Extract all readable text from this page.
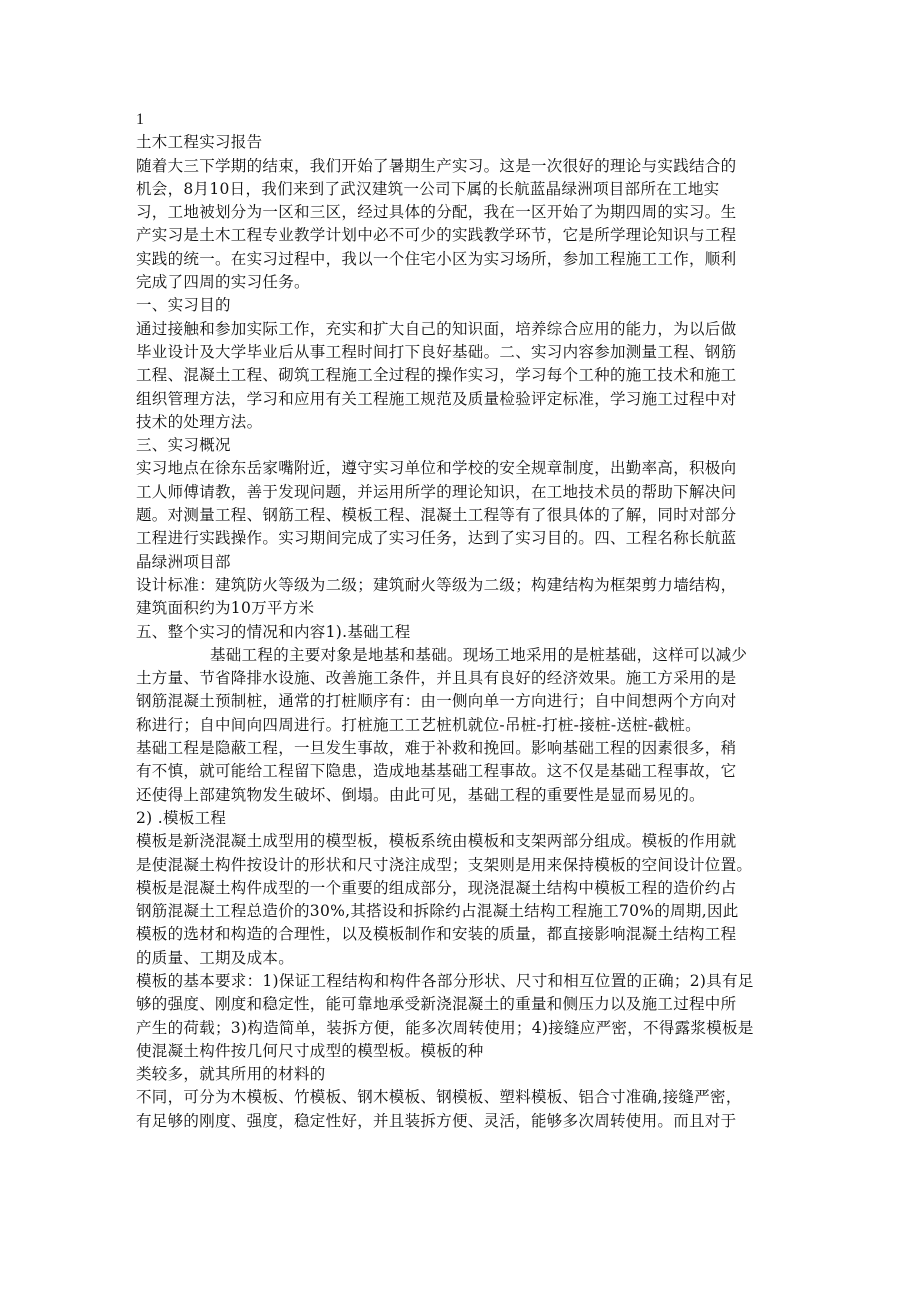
1
土木工程实习报告
随着大三下学期的结束，我们开始了暑期生产实习。这是一次很好的理论与实践结合的
机会，8月10日，我们来到了武汉建筑一公司下属的长航蓝晶绿洲项目部所在工地实
习，工地被划分为一区和三区，经过具体的分配，我在一区开始了为期四周的实习。生
产实习是土木工程专业教学计划中必不可少的实践教学环节，它是所学理论知识与工程
实践的统一。在实习过程中，我以一个住宅小区为实习场所，参加工程施工工作，顺利
完成了四周的实习任务。
一、实习目的
通过接触和参加实际工作，充实和扩大自己的知识面，培养综合应用的能力，为以后做
毕业设计及大学毕业后从事工程时间打下良好基础。二、实习内容参加测量工程、钢筋
工程、混凝土工程、砌筑工程施工全过程的操作实习，学习每个工种的施工技术和施工
组织管理方法，学习和应用有关工程施工规范及质量检验评定标准，学习施工过程中对
技术的处理方法。
三、实习概况
实习地点在徐东岳家嘴附近，遵守实习单位和学校的安全规章制度，出勤率高，积极向
工人师傅请教，善于发现问题，并运用所学的理论知识，在工地技术员的帮助下解决问
题。对测量工程、钢筋工程、模板工程、混凝土工程等有了很具体的了解，同时对部分
工程进行实践操作。实习期间完成了实习任务，达到了实习目的。四、工程名称长航蓝
晶绿洲项目部
设计标准：建筑防火等级为二级；建筑耐火等级为二级；构建结构为框架剪力墙结构，
建筑面积约为10万平方米
五、整个实习的情况和内容1).基础工程
基础工程的主要对象是地基和基础。现场工地采用的是桩基础，这样可以减少
土方量、节省降排水设施、改善施工条件，并且具有良好的经济效果。施工方采用的是
钢筋混凝土预制桩，通常的打桩顺序有：由一侧向单一方向进行；自中间想两个方向对
称进行；自中间向四周进行。打桩施工工艺桩机就位-吊桩-打桩-接桩-送桩-截桩。
基础工程是隐蔽工程，一旦发生事故，难于补救和挽回。影响基础工程的因素很多，稍
有不慎，就可能给工程留下隐患，造成地基基础工程事故。这不仅是基础工程事故，它
还使得上部建筑物发生破坏、倒塌。由此可见，基础工程的重要性是显而易见的。
2) .模板工程
模板是新浇混凝土成型用的模型板，模板系统由模板和支架两部分组成。模板的作用就
是使混凝土构件按设计的形状和尺寸浇注成型；支架则是用来保持模板的空间设计位置。
模板是混凝土构件成型的一个重要的组成部分，现浇混凝土结构中模板工程的造价约占
钢筋混凝土工程总造价的30%,其搭设和拆除约占混凝土结构工程施工70%的周期,因此
模板的选材和构造的合理性，以及模板制作和安装的质量，都直接影响混凝土结构工程
的质量、工期及成本。
模板的基本要求：1)保证工程结构和构件各部分形状、尺寸和相互位置的正确；2)具有足
够的强度、刚度和稳定性，能可靠地承受新浇混凝土的重量和侧压力以及施工过程中所
产生的荷载；3)构造简单，装拆方便，能多次周转使用；4)接缝应严密，不得露浆模板是
使混凝土构件按几何尺寸成型的模型板。模板的种
类较多，就其所用的材料的
不同，可分为木模板、竹模板、钢木模板、钢模板、塑料模板、铝合寸准确,接缝严密，
有足够的刚度、强度，稳定性好，并且装拆方便、灵活，能够多次周转使用。而且对于
